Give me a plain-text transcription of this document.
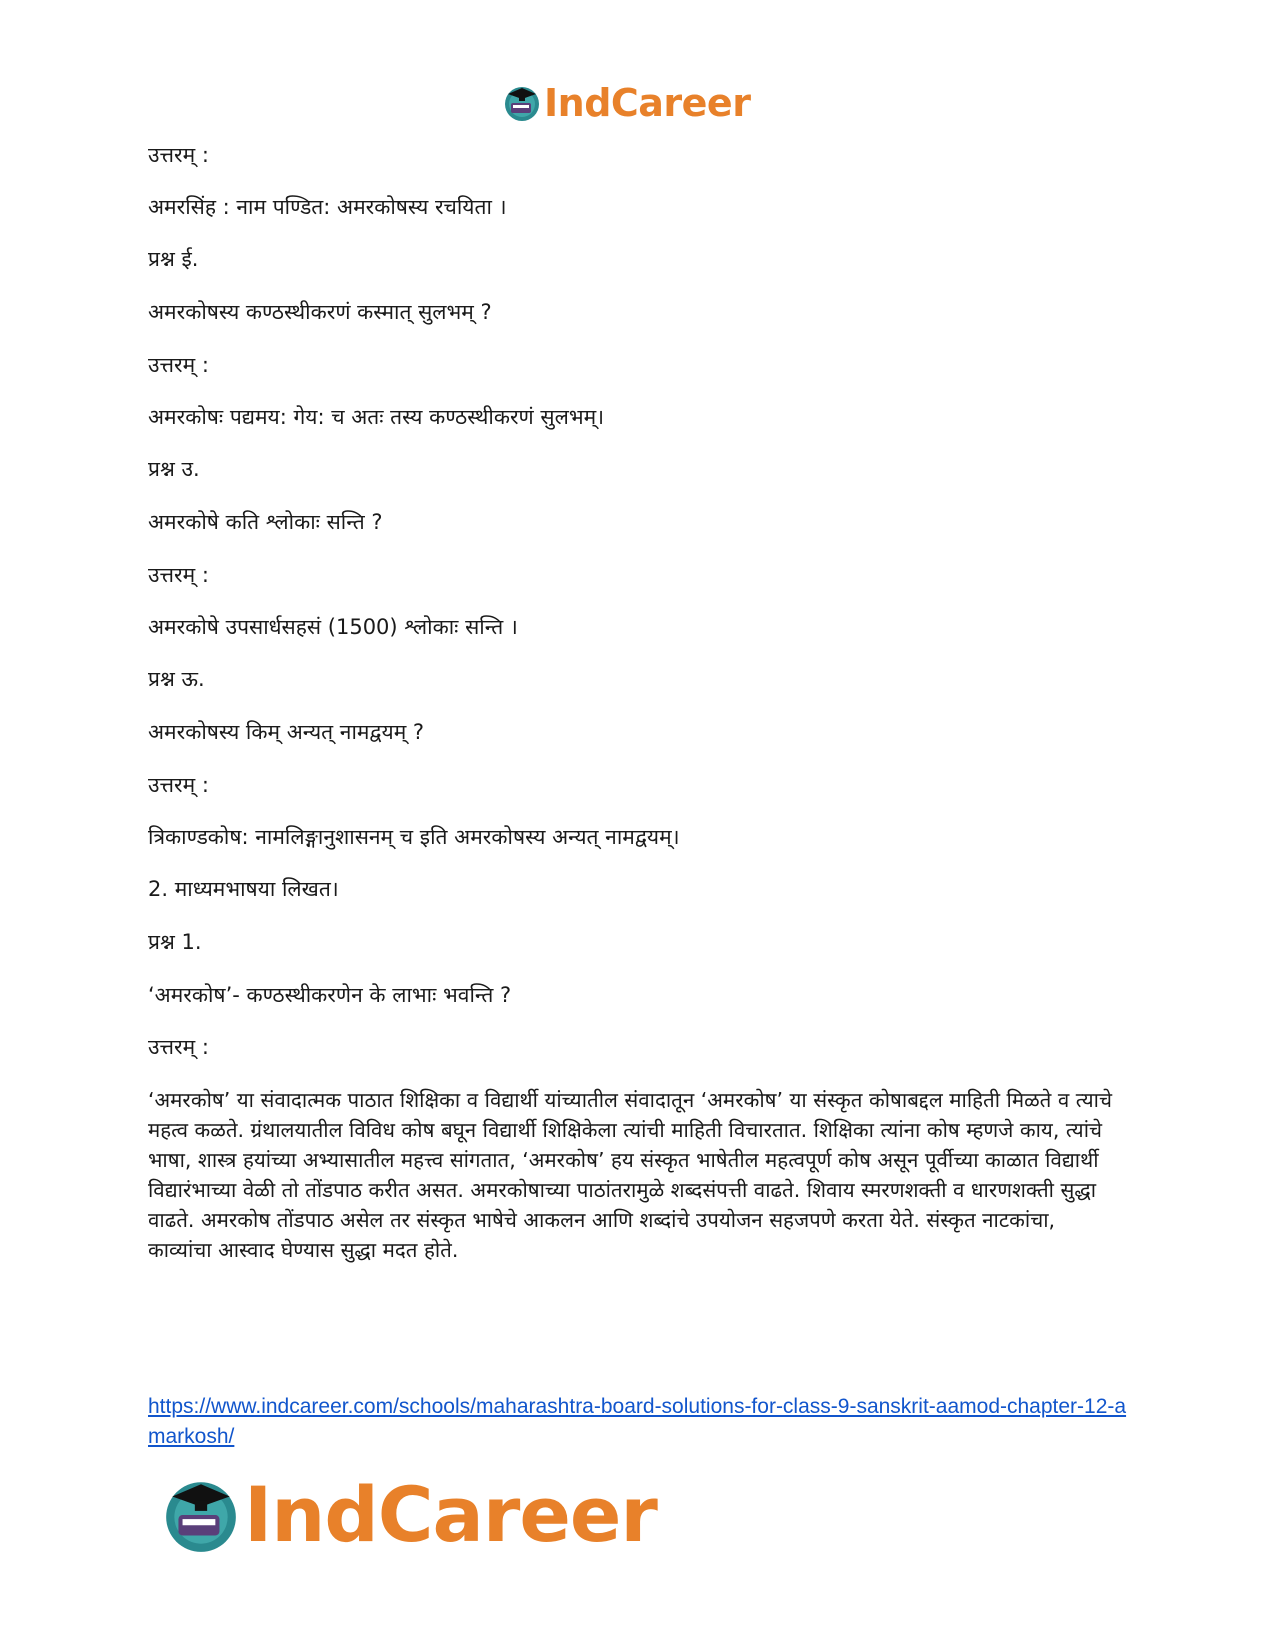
IndCareer

उत्तरम् :

अमरसिंह : नाम पण्डित: अमरकोषस्य रचयिता ।

प्रश्न ई.

अमरकोषस्य कण्ठस्थीकरणं कस्मात् सुलभम् ?

उत्तरम् :

अमरकोषः पद्यमय: गेय: च अतः तस्य कण्ठस्थीकरणं सुलभम्।

प्रश्न उ.

अमरकोषे कति श्लोकाः सन्ति ?

उत्तरम् :

अमरकोषे उपसार्धसहसं (1500) श्लोकाः सन्ति ।

प्रश्न ऊ.

अमरकोषस्य किम् अन्यत् नामद्वयम् ?

उत्तरम् :

त्रिकाण्डकोष: नामलिङ्गानुशासनम् च इति अमरकोषस्य अन्यत् नामद्वयम्।

2. माध्यमभाषया लिखत।

प्रश्न 1.

‘अमरकोष’- कण्ठस्थीकरणेन के लाभाः भवन्ति ?

उत्तरम् :

‘अमरकोष’ या संवादात्मक पाठात शिक्षिका व विद्यार्थी यांच्यातील संवादातून ‘अमरकोष’ या संस्कृत कोषाबद्दल माहिती मिळते व त्याचे महत्व कळते. ग्रंथालयातील विविध कोष बघून विद्यार्थी शिक्षिकेला त्यांची माहिती विचारतात. शिक्षिका त्यांना कोष म्हणजे काय, त्यांचे भाषा, शास्त्र हयांच्या अभ्यासातील महत्त्व सांगतात, ‘अमरकोष’ हय संस्कृत भाषेतील महत्वपूर्ण कोष असून पूर्वीच्या काळात विद्यार्थी विद्यारंभाच्या वेळी तो तोंडपाठ करीत असत. अमरकोषाच्या पाठांतरामुळे शब्दसंपत्ती वाढते. शिवाय स्मरणशक्ती व धारणशक्ती सुद्धा वाढते. अमरकोष तोंडपाठ असेल तर संस्कृत भाषेचे आकलन आणि शब्दांचे उपयोजन सहजपणे करता येते. संस्कृत नाटकांचा, काव्यांचा आस्वाद घेण्यास सुद्धा मदत होते.

https://www.indcareer.com/schools/maharashtra-board-solutions-for-class-9-sanskrit-aamod-chapter-12-amarkosh/
IndCareer
